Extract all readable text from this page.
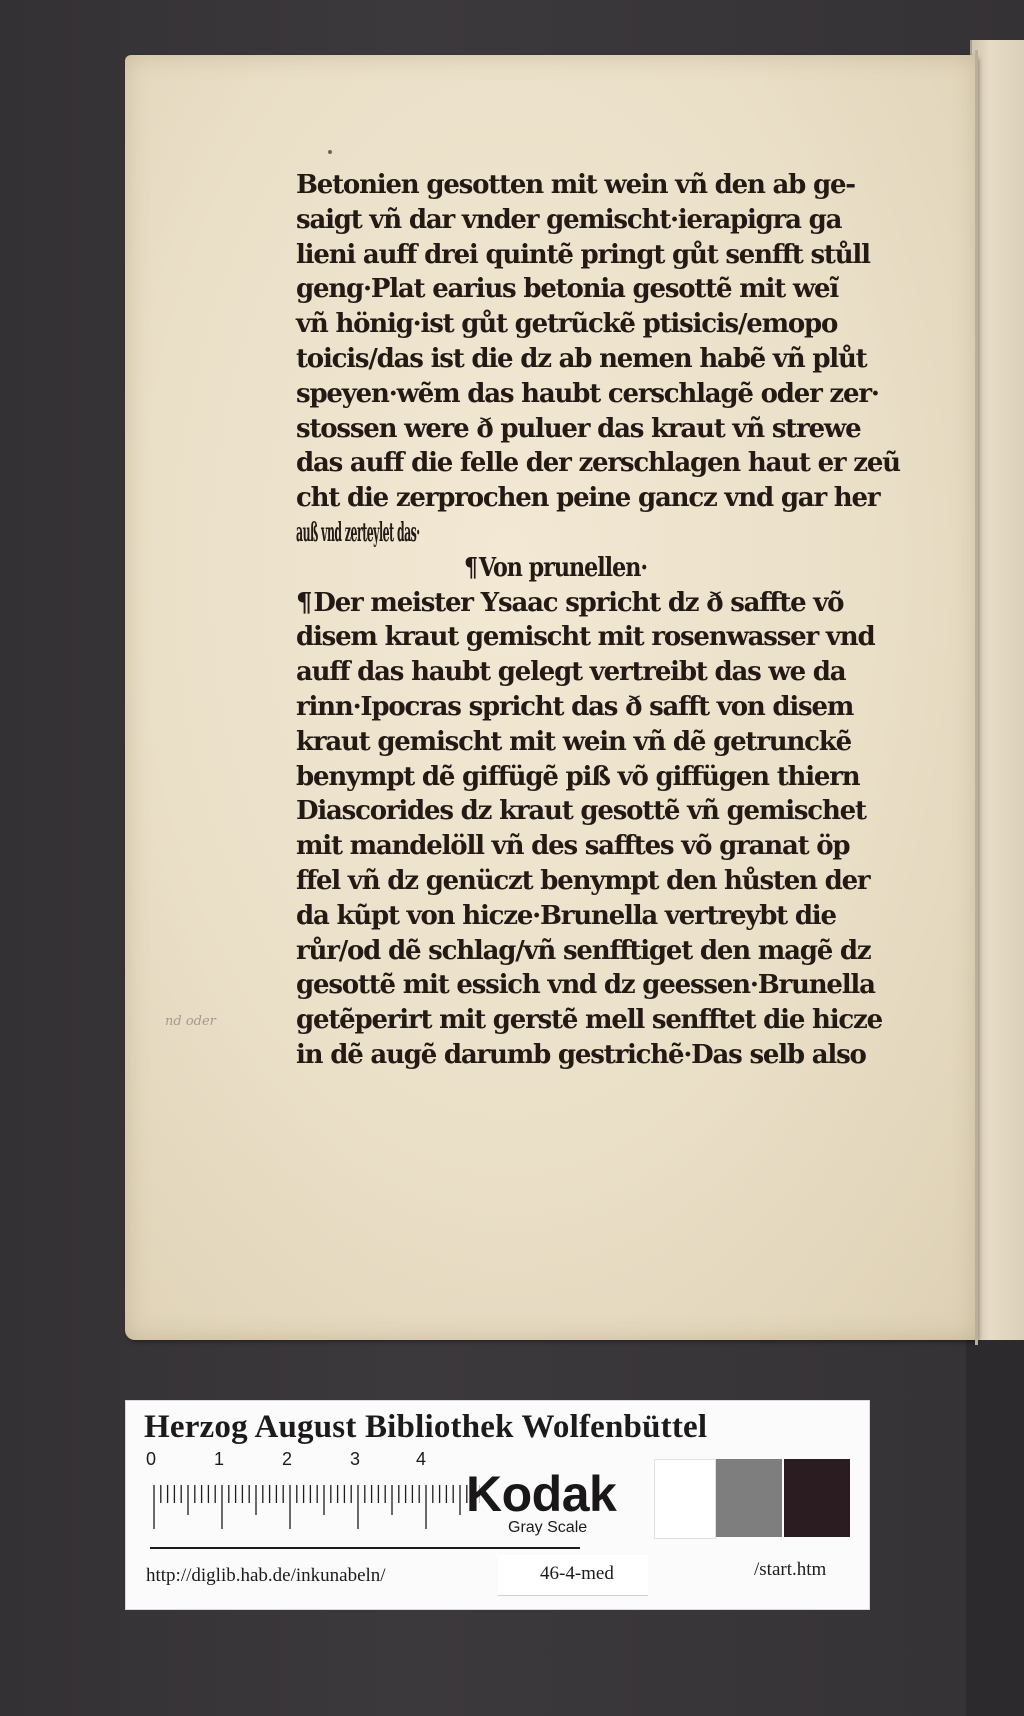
Betonien gesotten mit wein vñ den ab ge-
saigt vñ dar vnder gemischt·ierapigra ga
lieni auff drei quintẽ pringt gůt senfft stůll
geng·Plat earius betonia gesottẽ mit weĩ
vñ hönig·ist gůt getrũckẽ ptisicis/emopo
toicis/das ist die dz ab nemen habẽ vñ plůt
speyen·wẽm das haubt cerschlagẽ oder zer·
stossen were ð puluer das kraut vñ strewe
das auff die felle der zerschlagen haut er zeũ
cht die zerprochen peine gancz vnd gar her
auß vnd zerteylet das·
¶Von prunellen·
¶Der meister Ysaac spricht dz ð saffte võ
disem kraut gemischt mit rosenwasser vnd
auff das haubt gelegt vertreibt das we da
rinn·Ipocras spricht das ð safft von disem
kraut gemischt mit wein vñ dẽ getrunckẽ
benympt dẽ giffügẽ piß võ giffügen thiern
Diascorides dz kraut gesottẽ vñ gemischet
mit mandelöll vñ des safftes võ granat öp
ffel vñ dz genüczt benympt den hůsten der
da kũpt von hicze·Brunella vertreybt die
růr/od dẽ schlag/vñ senfftiget den magẽ dz
gesottẽ mit essich vnd dz geessen·Brunella
getẽperirt mit gerstẽ mell senfftet die hicze
in dẽ augẽ darumb gestrichẽ·Das selb also
nd oder
Herzog August Bibliothek Wolfenbüttel
0	1	2	3	4
Kodak
Gray Scale
http://diglib.hab.de/inkunabeln/	46-4-med	/start.htm
